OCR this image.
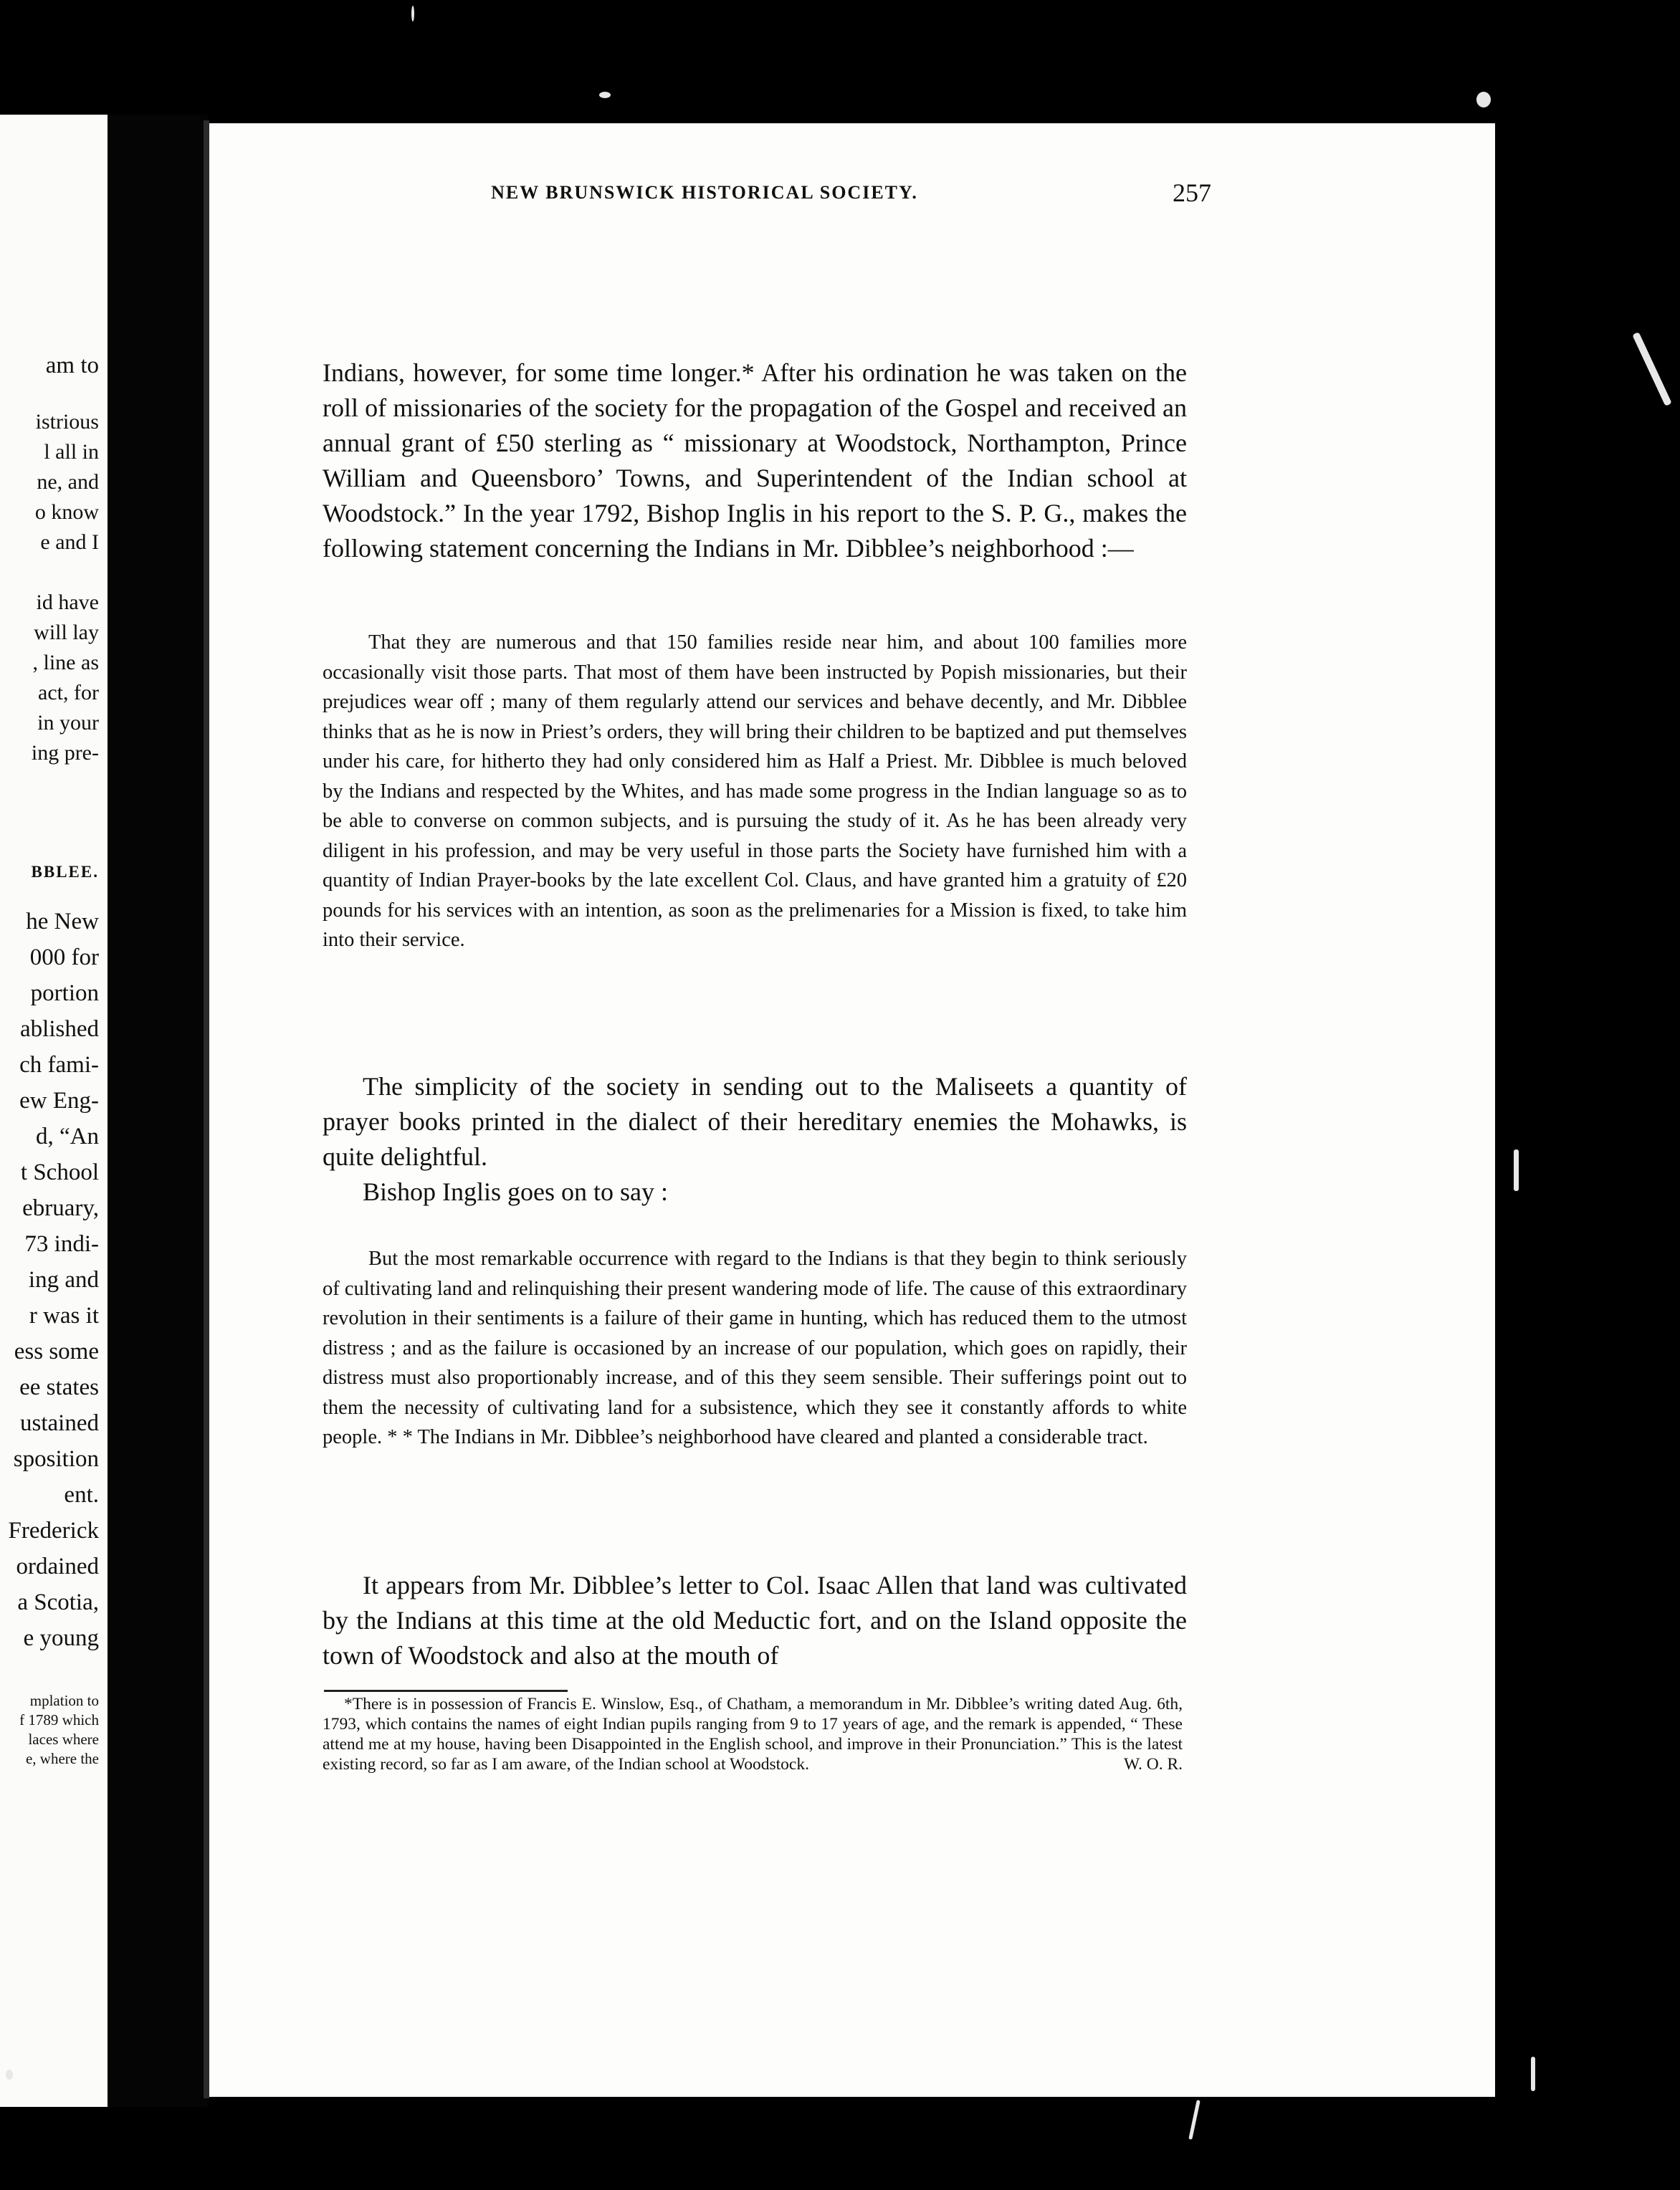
am to
istrious
l all in
ne, and
o know
e and I
id have
will lay
, line as
act, for
in your
ing pre-
BBLEE.
he New
000 for
portion
ablished
ch fami-
ew Eng-
d, “An
t School
ebruary,
73 indi-
ing and
r was it
ess some
ee states
ustained
sposition
ent.
Frederick
ordained
a Scotia,
e young
mplation to
f 1789 which
laces where
e, where the
NEW BRUNSWICK HISTORICAL SOCIETY.	257

Indians, however, for some time longer.* After his ordination he was taken on the roll of missionaries of the society for the propagation of the Gospel and received an annual grant of £50 sterling as “ missionary at Woodstock, Northampton, Prince William and Queensboro’ Towns, and Superintendent of the Indian school at Woodstock.” In the year 1792, Bishop Inglis in his report to the S. P. G., makes the following statement concerning the Indians in Mr. Dibblee’s neighborhood :—

That they are numerous and that 150 families reside near him, and about 100 families more occasionally visit those parts. That most of them have been instructed by Popish missionaries, but their prejudices wear off ; many of them regularly attend our services and behave decently, and Mr. Dibblee thinks that as he is now in Priest’s orders, they will bring their children to be baptized and put themselves under his care, for hitherto they had only considered him as Half a Priest. Mr. Dibblee is much beloved by the Indians and respected by the Whites, and has made some progress in the Indian language so as to be able to converse on common subjects, and is pursuing the study of it. As he has been already very diligent in his profession, and may be very useful in those parts the Society have furnished him with a quantity of Indian Prayer-books by the late excellent Col. Claus, and have granted him a gratuity of £20 pounds for his services with an intention, as soon as the prelimenaries for a Mission is fixed, to take him into their service.

The simplicity of the society in sending out to the Maliseets a quantity of prayer books printed in the dialect of their hereditary enemies the Mohawks, is quite delightful.

Bishop Inglis goes on to say :

But the most remarkable occurrence with regard to the Indians is that they begin to think seriously of cultivating land and relinquishing their present wandering mode of life. The cause of this extraordinary revolution in their sentiments is a failure of their game in hunting, which has reduced them to the utmost distress ; and as the failure is occasioned by an increase of our population, which goes on rapidly, their distress must also proportionably increase, and of this they seem sensible. Their sufferings point out to them the necessity of cultivating land for a subsistence, which they see it constantly affords to white people. * * The Indians in Mr. Dibblee’s neighborhood have cleared and planted a considerable tract.

It appears from Mr. Dibblee’s letter to Col. Isaac Allen that land was cultivated by the Indians at this time at the old Meductic fort, and on the Island opposite the town of Woodstock and also at the mouth of

*There is in possession of Francis E. Winslow, Esq., of Chatham, a memorandum in Mr. Dibblee’s writing dated Aug. 6th, 1793, which contains the names of eight Indian pupils ranging from 9 to 17 years of age, and the remark is appended, “ These attend me at my house, having been Disappointed in the English school, and improve in their Pronunciation.” This is the latest existing record, so far as I am aware, of the Indian school at Woodstock.	W. O. R.
